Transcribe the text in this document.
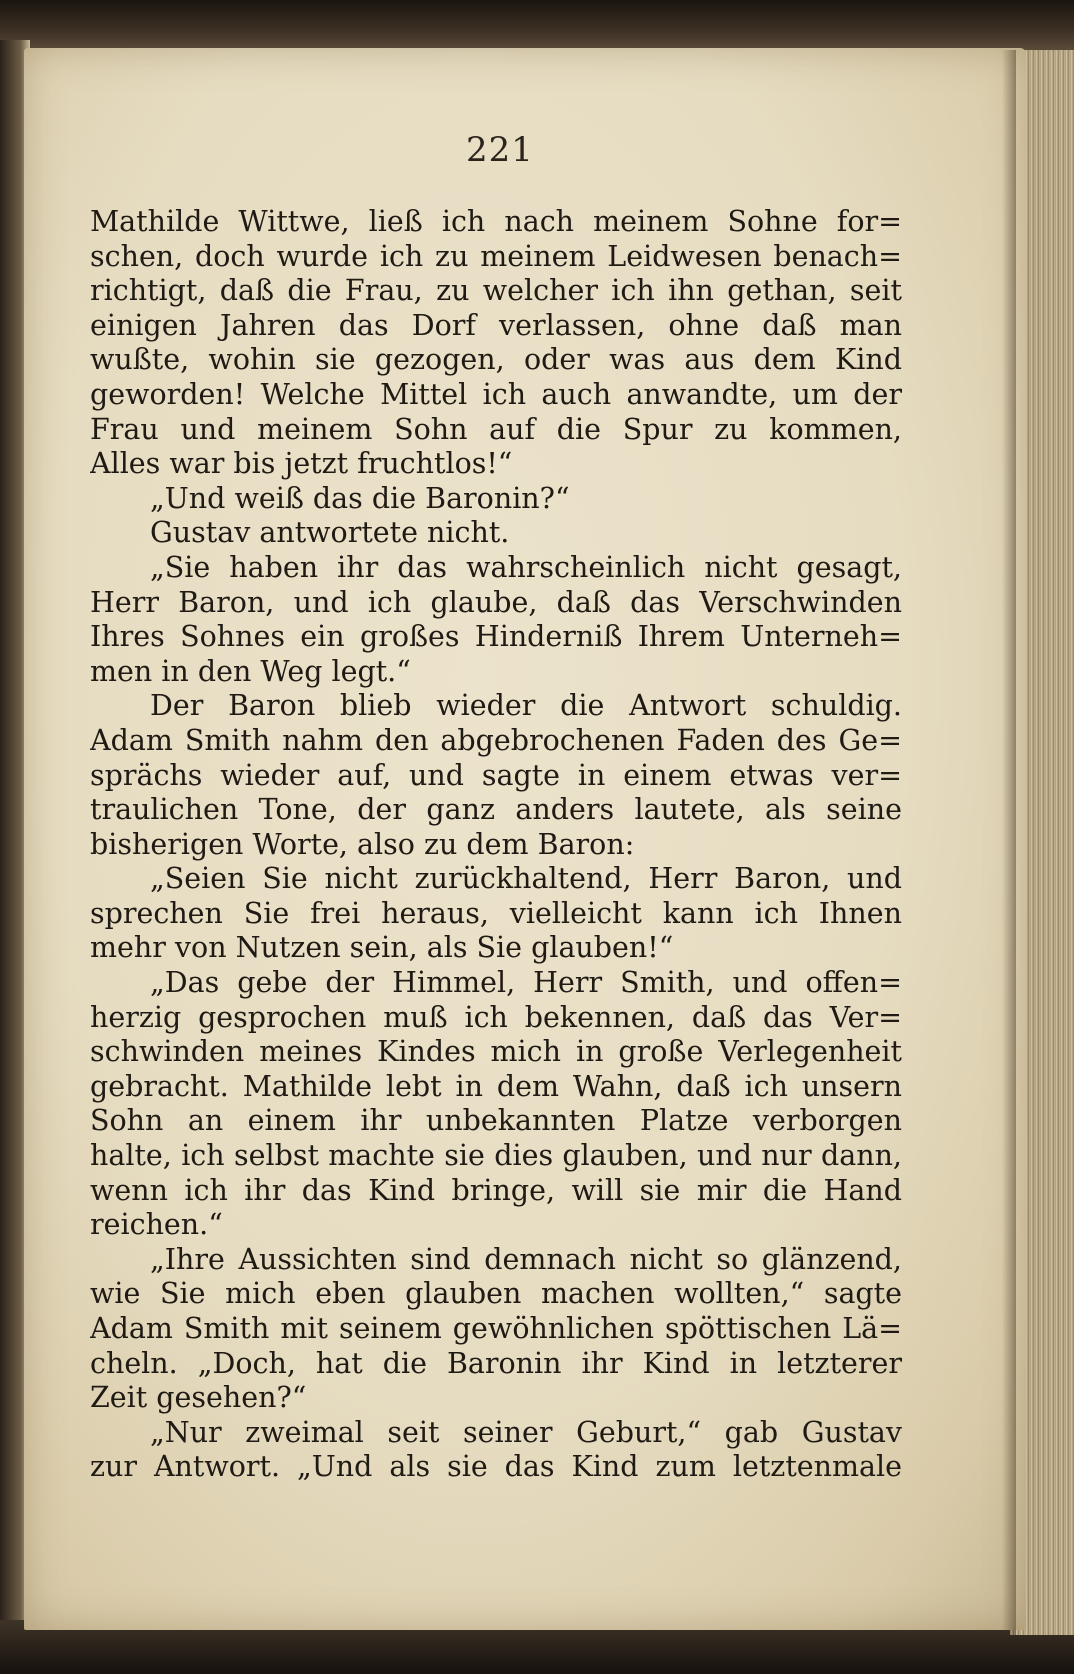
221
Mathilde Wittwe, ließ ich nach meinem Sohne for=
schen, doch wurde ich zu meinem Leidwesen benach=
richtigt, daß die Frau, zu welcher ich ihn gethan, seit
einigen Jahren das Dorf verlassen, ohne daß man
wußte, wohin sie gezogen, oder was aus dem Kind
geworden! Welche Mittel ich auch anwandte, um der
Frau und meinem Sohn auf die Spur zu kommen,
Alles war bis jetzt fruchtlos!“
„Und weiß das die Baronin?“
Gustav antwortete nicht.
„Sie haben ihr das wahrscheinlich nicht gesagt,
Herr Baron, und ich glaube, daß das Verschwinden
Ihres Sohnes ein großes Hinderniß Ihrem Unterneh=
men in den Weg legt.“
Der Baron blieb wieder die Antwort schuldig.
Adam Smith nahm den abgebrochenen Faden des Ge=
sprächs wieder auf, und sagte in einem etwas ver=
traulichen Tone, der ganz anders lautete, als seine
bisherigen Worte, also zu dem Baron:
„Seien Sie nicht zurückhaltend, Herr Baron, und
sprechen Sie frei heraus, vielleicht kann ich Ihnen
mehr von Nutzen sein, als Sie glauben!“
„Das gebe der Himmel, Herr Smith, und offen=
herzig gesprochen muß ich bekennen, daß das Ver=
schwinden meines Kindes mich in große Verlegenheit
gebracht. Mathilde lebt in dem Wahn, daß ich unsern
Sohn an einem ihr unbekannten Platze verborgen
halte, ich selbst machte sie dies glauben, und nur dann,
wenn ich ihr das Kind bringe, will sie mir die Hand
reichen.“
„Ihre Aussichten sind demnach nicht so glänzend,
wie Sie mich eben glauben machen wollten,“ sagte
Adam Smith mit seinem gewöhnlichen spöttischen Lä=
cheln. „Doch, hat die Baronin ihr Kind in letzterer
Zeit gesehen?“
„Nur zweimal seit seiner Geburt,“ gab Gustav
zur Antwort. „Und als sie das Kind zum letztenmale
